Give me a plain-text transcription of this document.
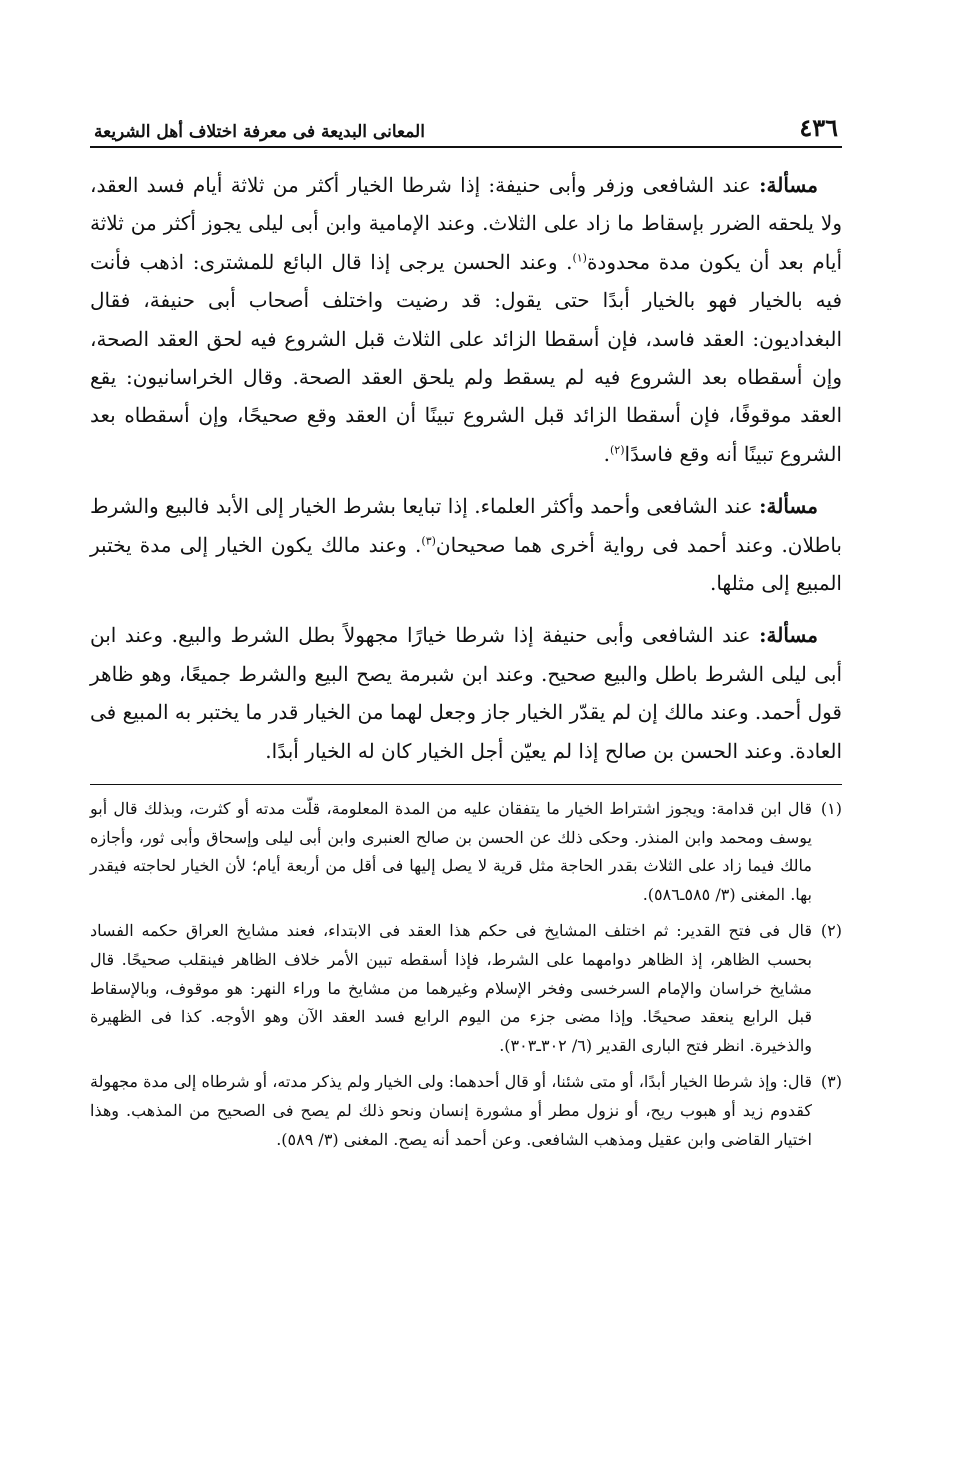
٤٣٦
المعانى البديعة فى معرفة اختلاف أهل الشريعة

مسألة: عند الشافعى وزفر وأبى حنيفة: إذا شرطا الخيار أكثر من ثلاثة أيام فسد العقد، ولا يلحقه الضرر بإسقاط ما زاد على الثلاث. وعند الإمامية وابن أبى ليلى يجوز أكثر من ثلاثة أيام بعد أن يكون مدة محدودة$^{(١)}$. وعند الحسن يرجى إذا قال البائع للمشترى: اذهب فأنت فيه بالخيار فهو بالخيار أبدًا حتى يقول: قد رضيت واختلف أصحاب أبى حنيفة، فقال البغداديون: العقد فاسد، فإن أسقطا الزائد على الثلاث قبل الشروع فيه لحق العقد الصحة، وإن أسقطاه بعد الشروع فيه لم يسقط ولم يلحق العقد الصحة. وقال الخراسانيون: يقع العقد موقوفًا، فإن أسقطا الزائد قبل الشروع تبينًا أن العقد وقع صحيحًا، وإن أسقطاه بعد الشروع تبينًا أنه وقع فاسدًا$^{(٢)}$.

مسألة: عند الشافعى وأحمد وأكثر العلماء. إذا تبايعا بشرط الخيار إلى الأبد فالبيع والشرط باطلان. وعند أحمد فى رواية أخرى هما صحيحان$^{(٣)}$. وعند مالك يكون الخيار إلى مدة يختبر المبيع إلى مثلها.

مسألة: عند الشافعى وأبى حنيفة إذا شرطا خيارًا مجهولاً بطل الشرط والبيع. وعند ابن أبى ليلى الشرط باطل والبيع صحيح. وعند ابن شبرمة يصح البيع والشرط جميعًا، وهو ظاهر قول أحمد. وعند مالك إن لم يقدّر الخيار جاز وجعل لهما من الخيار قدر ما يختبر به المبيع فى العادة. وعند الحسن بن صالح إذا لم يعيّن أجل الخيار كان له الخيار أبدًا.

(١)
قال ابن قدامة: ويجوز اشتراط الخيار ما يتفقان عليه من المدة المعلومة، قلّت مدته أو كثرت، وبذلك قال أبو يوسف ومحمد وابن المنذر. وحكى ذلك عن الحسن بن صالح العنبرى وابن أبى ليلى وإسحاق وأبى ثور، وأجازه مالك فيما زاد على الثلاث بقدر الحاجة مثل قرية لا يصل إليها فى أقل من أربعة أيام؛ لأن الخيار لحاجته فيقدر بها. المغنى (٣/ ٥٨٥ـ٥٨٦).

(٢)
قال فى فتح القدير: ثم اختلف المشايخ فى حكم هذا العقد فى الابتداء، فعند مشايخ العراق حكمه الفساد بحسب الظاهر، إذ الظاهر دوامهما على الشرط، فإذا أسقطه تبين الأمر خلاف الظاهر فينقلب صحيحًا. قال مشايخ خراسان والإمام السرخسى وفخر الإسلام وغيرهما من مشايخ ما وراء النهر: هو موقوف، وبالإسقاط قبل الرابع ينعقد صحيحًا. وإذا مضى جزء من اليوم الرابع فسد العقد الآن وهو الأوجه. كذا فى الظهيرة والذخيرة. انظر فتح البارى القدير (٦/ ٣٠٢ـ٣٠٣).

(٣)
قال: وإذ شرطا الخيار أبدًا، أو متى شئنا، أو قال أحدهما: ولى الخيار ولم يذكر مدته، أو شرطاه إلى مدة مجهولة كقدوم زيد أو هبوب ريح، أو نزول مطر أو مشورة إنسان ونحو ذلك لم يصح فى الصحيح من المذهب. وهذا اختيار القاضى وابن عقيل ومذهب الشافعى. وعن أحمد أنه يصح. المغنى (٣/ ٥٨٩).
